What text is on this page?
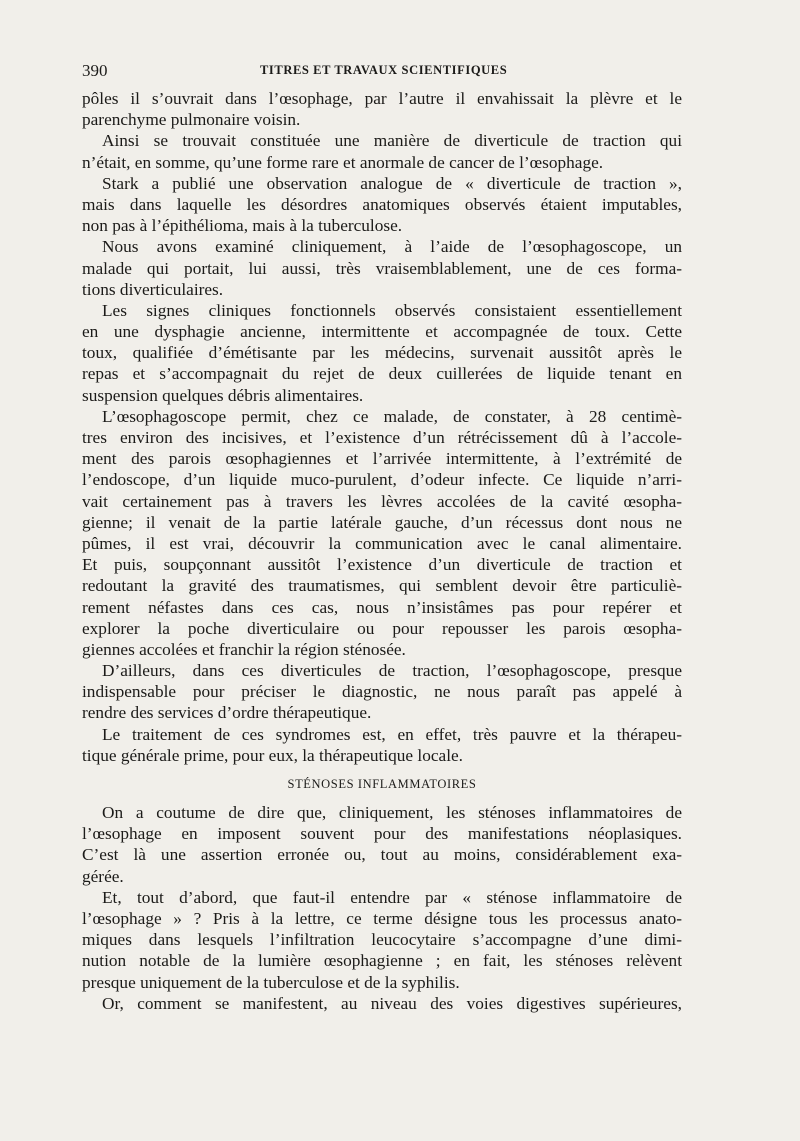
390	TITRES ET TRAVAUX SCIENTIFIQUES
pôles il s’ouvrait dans l’œsophage, par l’autre il envahissait la plèvre et le
parenchyme pulmonaire voisin.
Ainsi se trouvait constituée une manière de diverticule de traction qui
n’était, en somme, qu’une forme rare et anormale de cancer de l’œsophage.
Stark a publié une observation analogue de « diverticule de traction »,
mais dans laquelle les désordres anatomiques observés étaient imputables,
non pas à l’épithélioma, mais à la tuberculose.
Nous avons examiné cliniquement, à l’aide de l’œsophagoscope, un
malade qui portait, lui aussi, très vraisemblablement, une de ces forma-
tions diverticulaires.
Les signes cliniques fonctionnels observés consistaient essentiellement
en une dysphagie ancienne, intermittente et accompagnée de toux. Cette
toux, qualifiée d’émétisante par les médecins, survenait aussitôt après le
repas et s’accompagnait du rejet de deux cuillerées de liquide tenant en
suspension quelques débris alimentaires.
L’œsophagoscope permit, chez ce malade, de constater, à 28 centimè-
tres environ des incisives, et l’existence d’un rétrécissement dû à l’accole-
ment des parois œsophagiennes et l’arrivée intermittente, à l’extrémité de
l’endoscope, d’un liquide muco-purulent, d’odeur infecte. Ce liquide n’arri-
vait certainement pas à travers les lèvres accolées de la cavité œsopha-
gienne; il venait de la partie latérale gauche, d’un récessus dont nous ne
pûmes, il est vrai, découvrir la communication avec le canal alimentaire.
Et puis, soupçonnant aussitôt l’existence d’un diverticule de traction et
redoutant la gravité des traumatismes, qui semblent devoir être particuliè-
rement néfastes dans ces cas, nous n’insistâmes pas pour repérer et
explorer la poche diverticulaire ou pour repousser les parois œsopha-
giennes accolées et franchir la région sténosée.
D’ailleurs, dans ces diverticules de traction, l’œsophagoscope, presque
indispensable pour préciser le diagnostic, ne nous paraît pas appelé à
rendre des services d’ordre thérapeutique.
Le traitement de ces syndromes est, en effet, très pauvre et la thérapeu-
tique générale prime, pour eux, la thérapeutique locale.
STÉNOSES INFLAMMATOIRES
On a coutume de dire que, cliniquement, les sténoses inflammatoires de
l’œsophage en imposent souvent pour des manifestations néoplasiques.
C’est là une assertion erronée ou, tout au moins, considérablement exa-
gérée.
Et, tout d’abord, que faut-il entendre par « sténose inflammatoire de
l’œsophage » ? Pris à la lettre, ce terme désigne tous les processus anato-
miques dans lesquels l’infiltration leucocytaire s’accompagne d’une dimi-
nution notable de la lumière œsophagienne ; en fait, les sténoses relèvent
presque uniquement de la tuberculose et de la syphilis.
Or, comment se manifestent, au niveau des voies digestives supérieures,
